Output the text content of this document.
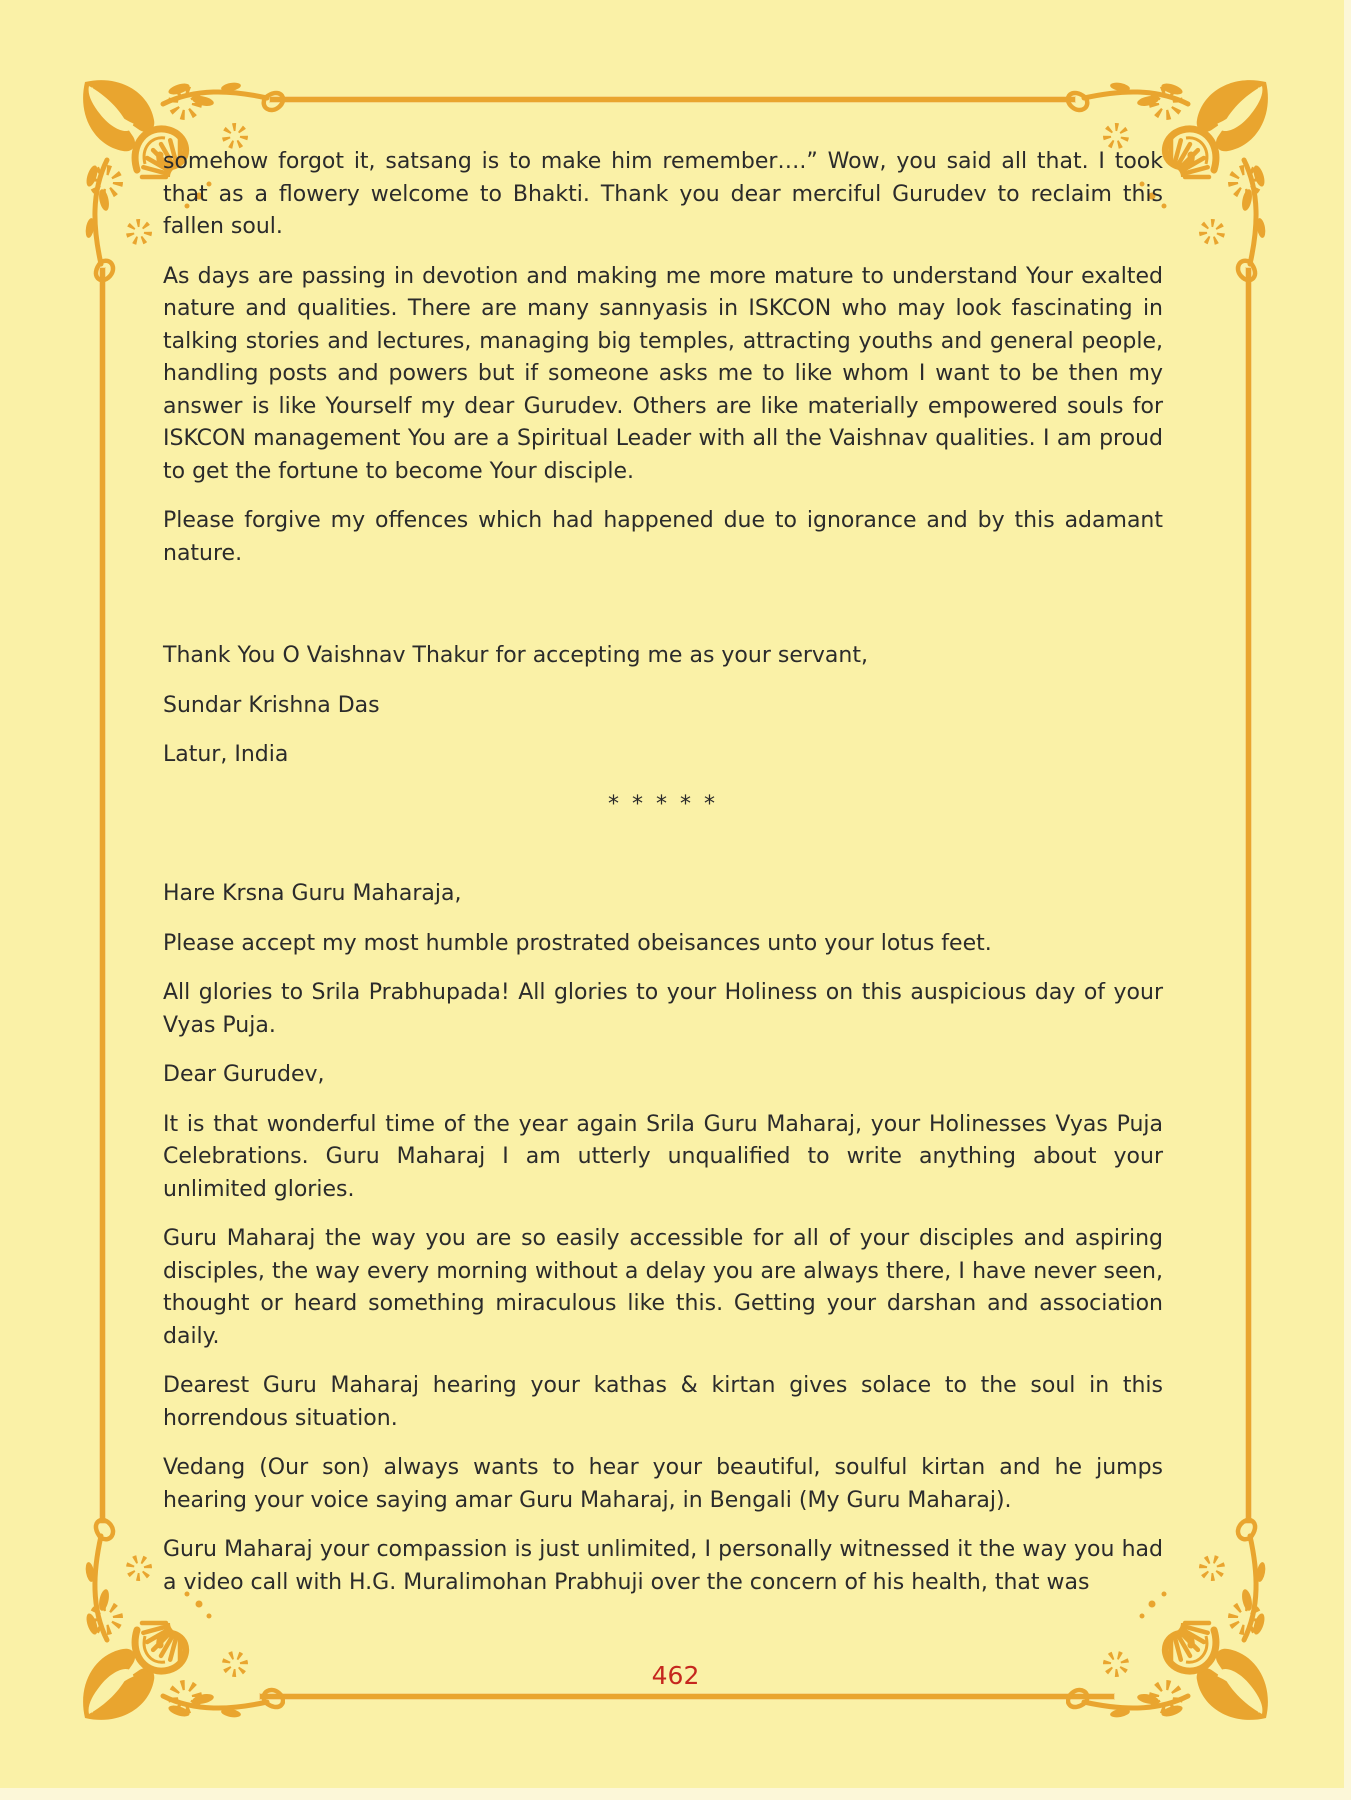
somehow forgot it, satsang is to make him remember….” Wow, you said all that. I took that as a flowery welcome to Bhakti. Thank you dear merciful Gurudev to reclaim this fallen soul.

As days are passing in devotion and making me more mature to understand Your exalted nature and qualities. There are many sannyasis in ISKCON who may look fascinating in talking stories and lectures, managing big temples, attracting youths and general people, handling posts and powers but if someone asks me to like whom I want to be then my answer is like Yourself my dear Gurudev. Others are like materially empowered souls for ISKCON management You are a Spiritual Leader with all the Vaishnav qualities. I am proud to get the fortune to become Your disciple.

Please forgive my offences which had happened due to ignorance and by this adamant nature.

Thank You O Vaishnav Thakur for accepting me as your servant,

Sundar Krishna Das

Latur, India

* * * * *

Hare Krsna Guru Maharaja,

Please accept my most humble prostrated obeisances unto your lotus feet.

All glories to Srila Prabhupada! All glories to your Holiness on this auspicious day of your Vyas Puja.

Dear Gurudev,

It is that wonderful time of the year again Srila Guru Maharaj, your Holinesses Vyas Puja Celebrations. Guru Maharaj I am utterly unqualified to write anything about your unlimited glories.

Guru Maharaj the way you are so easily accessible for all of your disciples and aspiring disciples, the way every morning without a delay you are always there, I have never seen, thought or heard something miraculous like this. Getting your darshan and association daily.

Dearest Guru Maharaj hearing your kathas & kirtan gives solace to the soul in this horrendous situation.

Vedang (Our son) always wants to hear your beautiful, soulful kirtan and he jumps hearing your voice saying amar Guru Maharaj, in Bengali (My Guru Maharaj).

Guru Maharaj your compassion is just unlimited, I personally witnessed it the way you had a video call with H.G. Muralimohan Prabhuji over the concern of his health, that was

462
